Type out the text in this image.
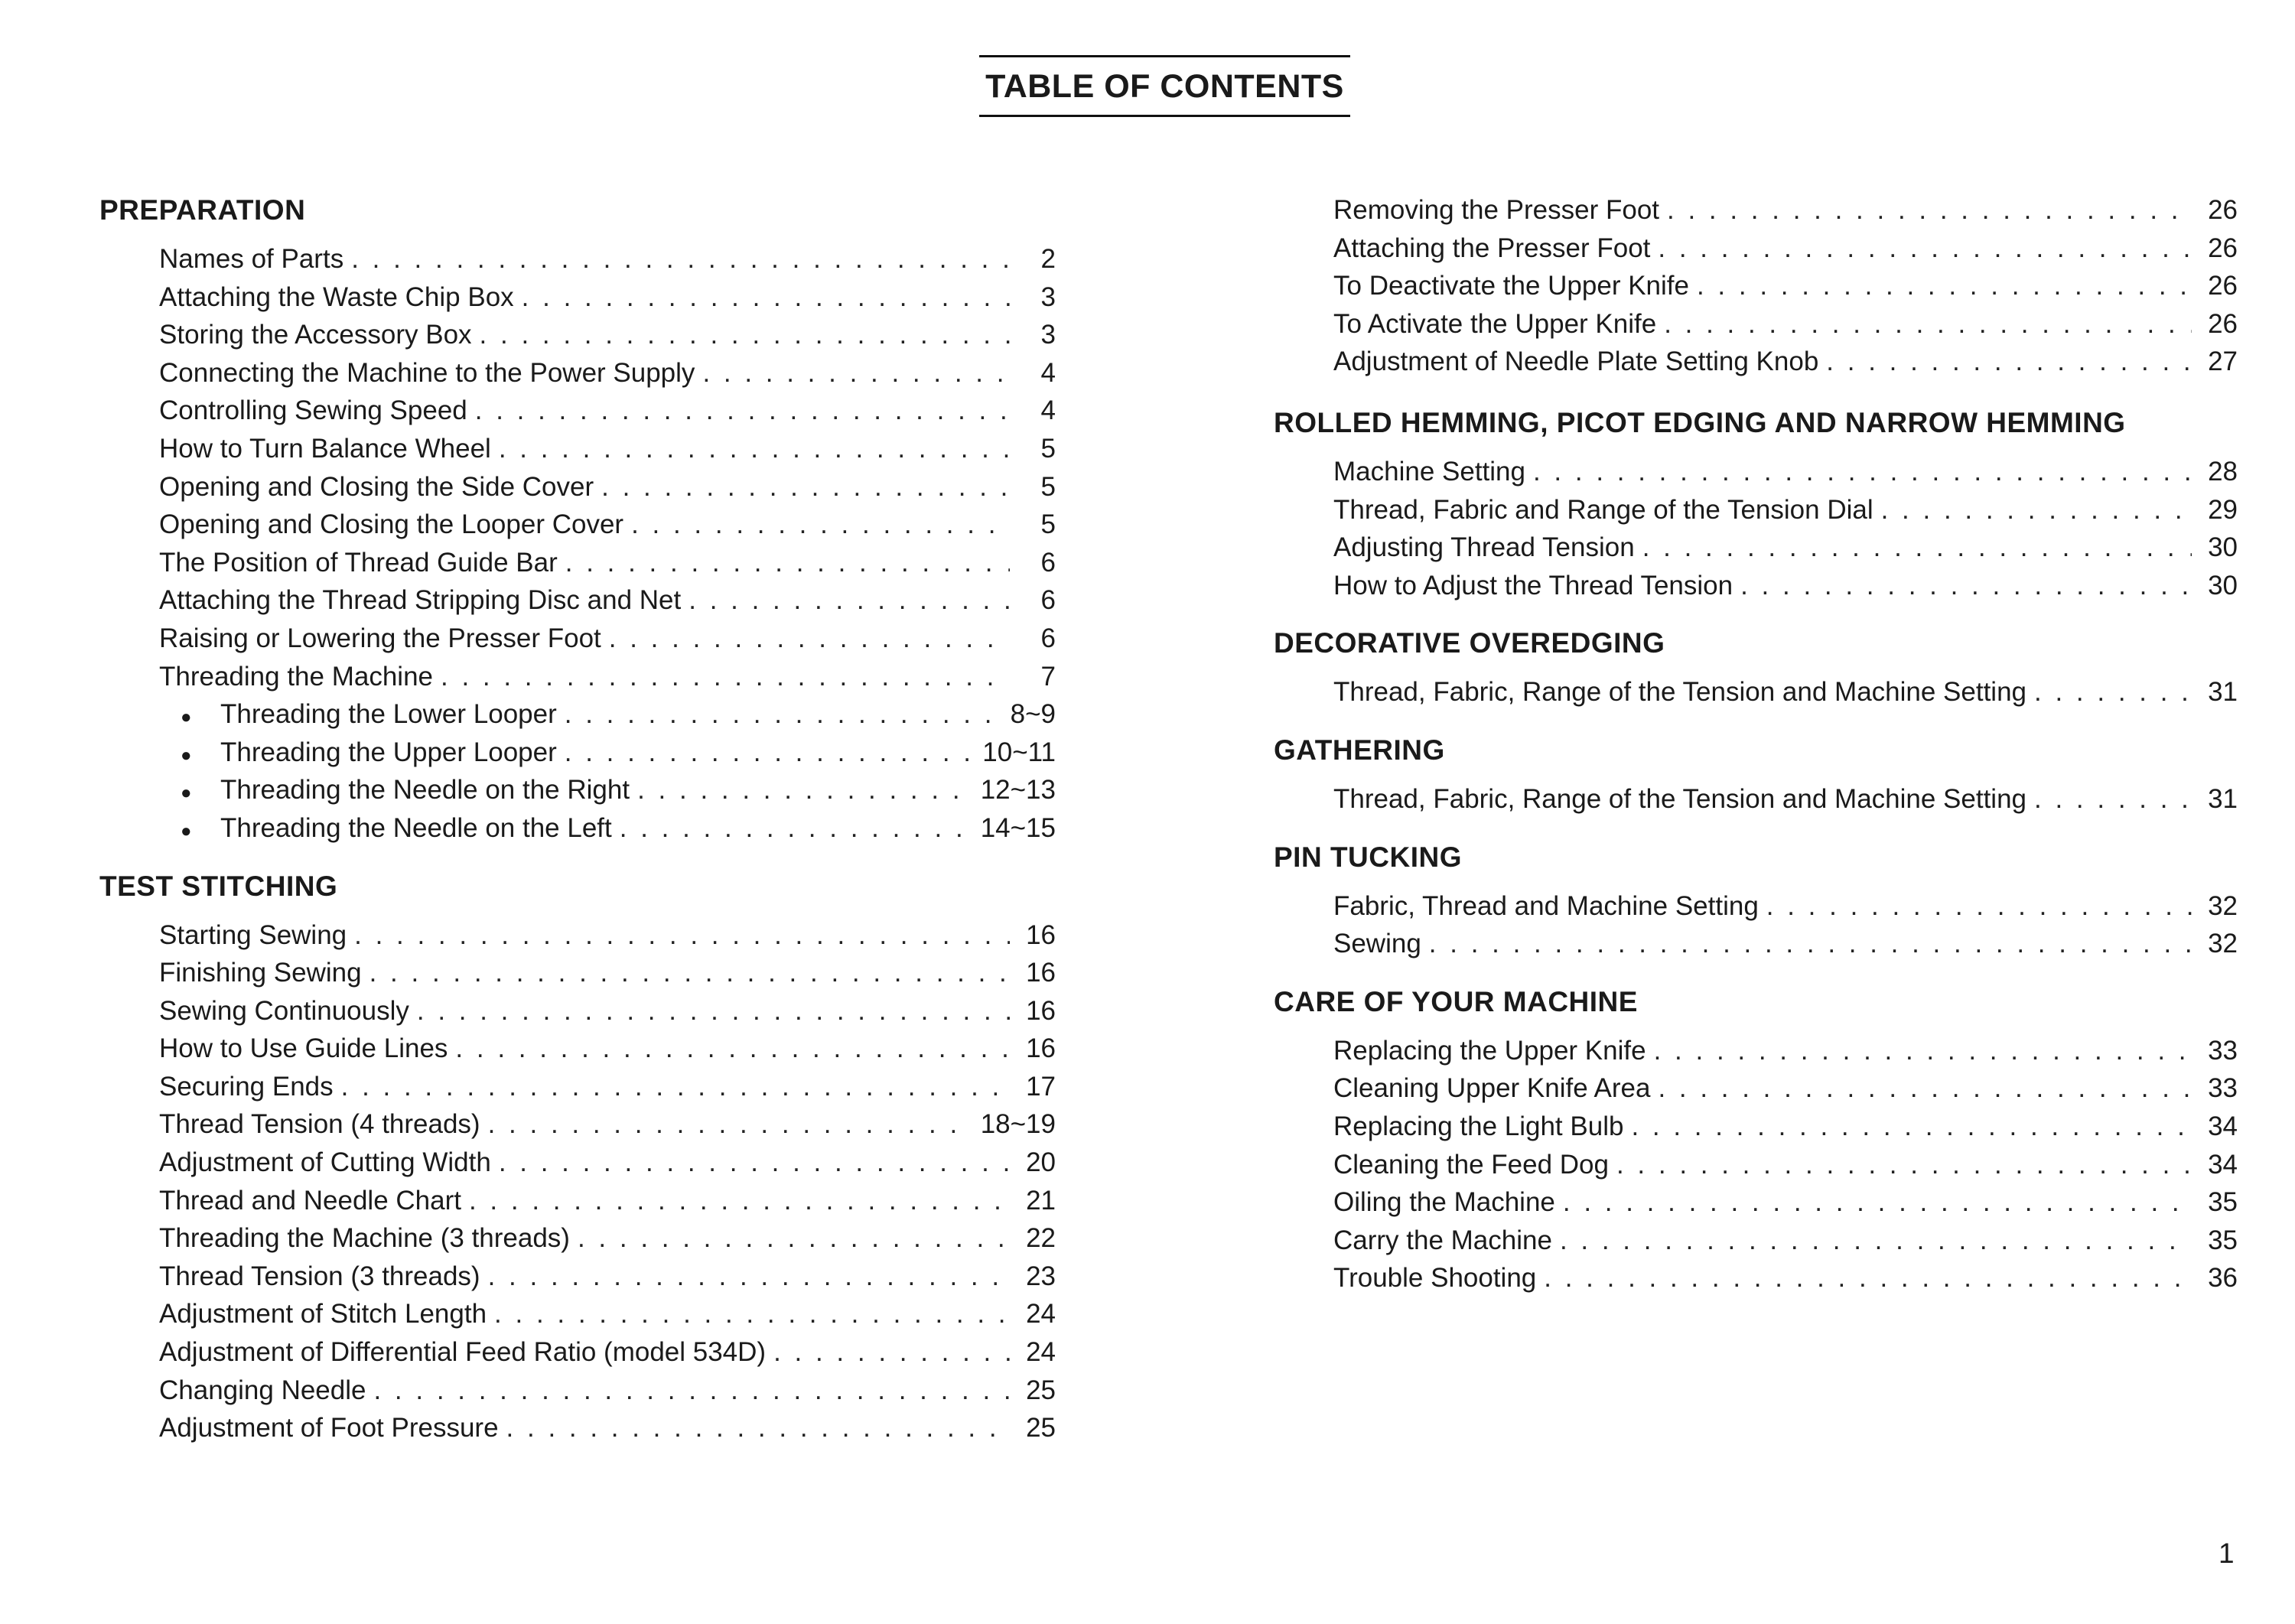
TABLE OF CONTENTS
PREPARATION
Names of Parts . . .	2
Attaching the Waste Chip Box . . .	3
Storing the Accessory Box . . .	3
Connecting the Machine to the Power Supply . . .	4
Controlling Sewing Speed . . .	4
How to Turn Balance Wheel . . .	5
Opening and Closing the Side Cover . . .	5
Opening and Closing the Looper Cover . . .	5
The Position of Thread Guide Bar . . .	6
Attaching the Thread Stripping Disc and Net . . .	6
Raising or Lowering the Presser Foot . . .	6
Threading the Machine . . .	7
●	Threading the Lower Looper . . .	8~9
●	Threading the Upper Looper . . .	10~11
●	Threading the Needle on the Right . . .	12~13
●	Threading the Needle on the Left . . .	14~15
TEST STITCHING
Starting Sewing . . .	16
Finishing Sewing . . .	16
Sewing Continuously . . .	16
How to Use Guide Lines . . .	16
Securing Ends . . .	17
Thread Tension (4 threads) . . .	18~19
Adjustment of Cutting Width . . .	20
Thread and Needle Chart . . .	21
Threading the Machine (3 threads) . . .	22
Thread Tension (3 threads) . . .	23
Adjustment of Stitch Length . . .	24
Adjustment of Differential Feed Ratio (model 534D) . . .	24
Changing Needle . . .	25
Adjustment of Foot Pressure . . .	25
Removing the Presser Foot . . .	26
Attaching the Presser Foot . . .	26
To Deactivate the Upper Knife . . .	26
To Activate the Upper Knife . . .	26
Adjustment of Needle Plate Setting Knob . . .	27
ROLLED HEMMING, PICOT EDGING AND NARROW HEMMING
Machine Setting . . .	28
Thread, Fabric and Range of the Tension Dial . . .	29
Adjusting Thread Tension . . .	30
How to Adjust the Thread Tension . . .	30
DECORATIVE OVEREDGING
Thread, Fabric, Range of the Tension and Machine Setting . . .	31
GATHERING
Thread, Fabric, Range of the Tension and Machine Setting . . .	31
PIN TUCKING
Fabric, Thread and Machine Setting . . .	32
Sewing . . .	32
CARE OF YOUR MACHINE
Replacing the Upper Knife . . .	33
Cleaning Upper Knife Area . . .	33
Replacing the Light Bulb . . .	34
Cleaning the Feed Dog . . .	34
Oiling the Machine . . .	35
Carry the Machine . . .	35
Trouble Shooting . . .	36
1
